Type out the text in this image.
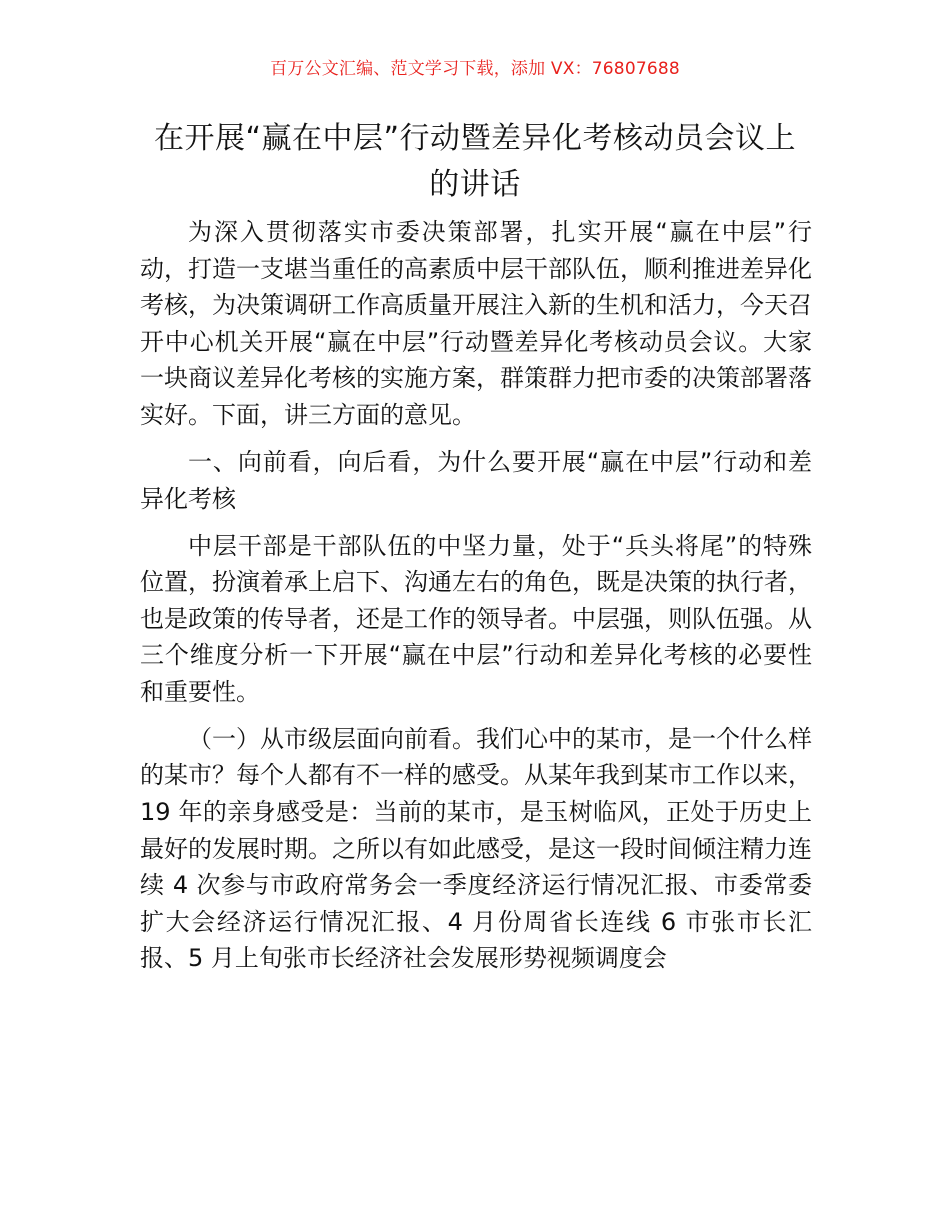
百万公文汇编、范文学习下载，添加 VX：76807688
在开展“赢在中层”行动暨差异化考核动员会议上的讲话

为深入贯彻落实市委决策部署，扎实开展“赢在中层”行动，打造一支堪当重任的高素质中层干部队伍，顺利推进差异化考核，为决策调研工作高质量开展注入新的生机和活力，今天召开中心机关开展“赢在中层”行动暨差异化考核动员会议。大家一块商议差异化考核的实施方案，群策群力把市委的决策部署落实好。下面，讲三方面的意见。

一、向前看，向后看，为什么要开展“赢在中层”行动和差异化考核

中层干部是干部队伍的中坚力量，处于“兵头将尾”的特殊位置，扮演着承上启下、沟通左右的角色，既是决策的执行者，也是政策的传导者，还是工作的领导者。中层强，则队伍强。从三个维度分析一下开展“赢在中层”行动和差异化考核的必要性和重要性。

（一）从市级层面向前看。我们心中的某市，是一个什么样的某市？每个人都有不一样的感受。从某年我到某市工作以来，19 年的亲身感受是：当前的某市，是玉树临风，正处于历史上最好的发展时期。之所以有如此感受，是这一段时间倾注精力连续 4 次参与市政府常务会一季度经济运行情况汇报、市委常委扩大会经济运行情况汇报、4 月份周省长连线 6 市张市长汇报、5 月上旬张市长经济社会发展形势视频调度会
